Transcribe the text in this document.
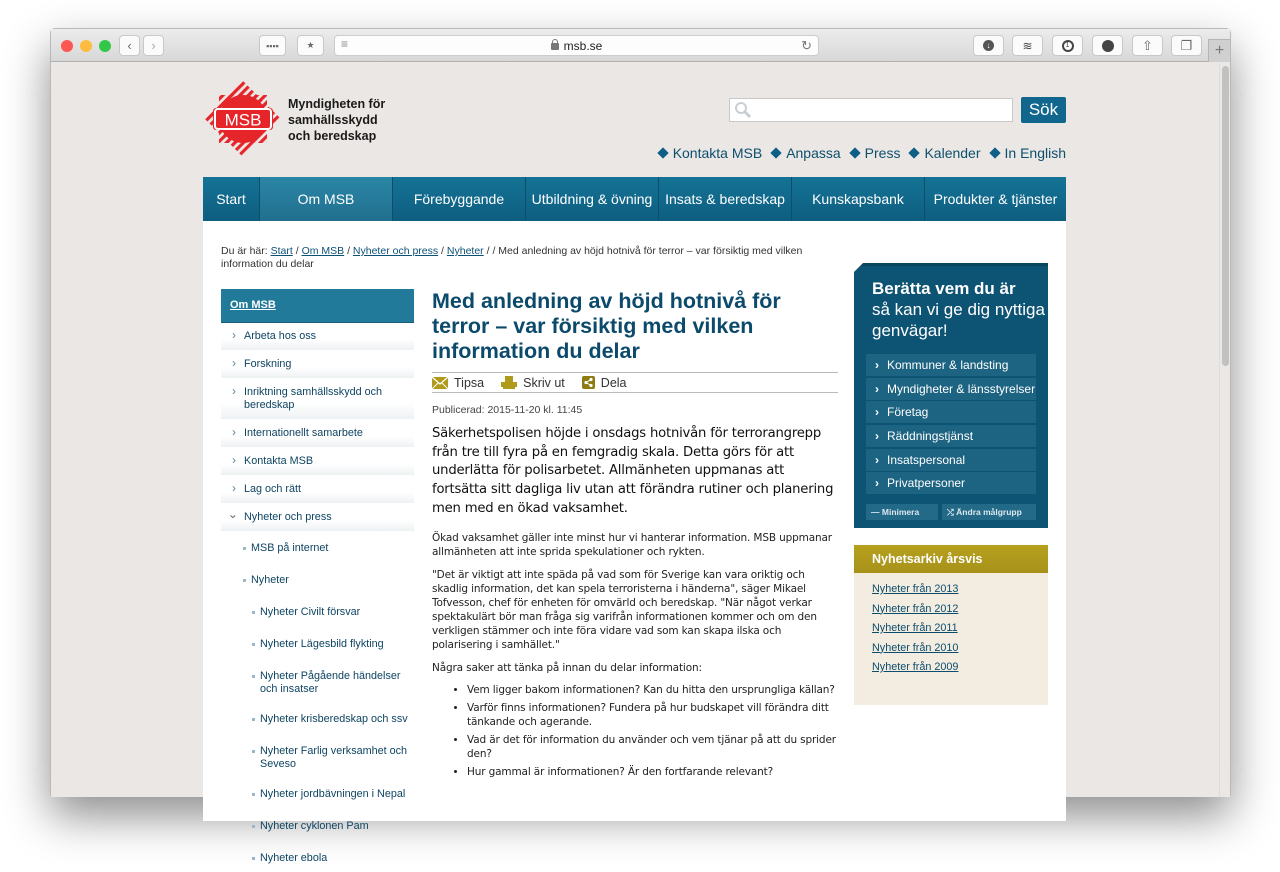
‹ ›	▪▪▪▪	★ ≡	msb.se	↻	↓	≋	1	⇧ ❐	+
MSB
Myndigheten för
samhällsskydd
och beredskap
Sök
Kontakta MSB Anpassa Press Kalender In English
Start	Om MSB	Förebyggande	Utbildning & övning Insats & beredskap	Kunskapsbank	Produkter & tjänster
Du är här: Start / Om MSB / Nyheter och press / Nyheter / / Med anledning av höjd hotnivå för terror – var försiktig med vilken information du delar
Om MSB
› Arbeta hos oss
› Forskning
› Inriktning samhällsskydd och beredskap
› Internationellt samarbete
› Kontakta MSB
› Lag och rätt
› Nyheter och press
MSB på internet
Nyheter
Nyheter Civilt försvar
Nyheter Lägesbild flykting
Nyheter Pågående händelser och insatser
Nyheter krisberedskap och ssv
Nyheter Farlig verksamhet och Seveso
Nyheter jordbävningen i Nepal
Nyheter cyklonen Pam
Nyheter ebola
Med anledning av höjd hotnivå för terror – var försiktig med vilken information du delar
Tipsa	Skriv ut	Dela
Publicerad: 2015-11-20 kl. 11:45
Säkerhetspolisen höjde i onsdags hotnivån för terrorangrepp från tre till fyra på en femgradig skala. Detta görs för att underlätta för polisarbetet. Allmänheten uppmanas att fortsätta sitt dagliga liv utan att förändra rutiner och planering men med en ökad vaksamhet.

Ökad vaksamhet gäller inte minst hur vi hanterar information. MSB uppmanar allmänheten att inte sprida spekulationer och rykten.

"Det är viktigt att inte späda på vad som för Sverige kan vara oriktig och skadlig information, det kan spela terroristerna i händerna", säger Mikael Tofvesson, chef för enheten för omvärld och beredskap. "När något verkar spektakulärt bör man fråga sig varifrån informationen kommer och om den verkligen stämmer och inte föra vidare vad som kan skapa ilska och polarisering i samhället."

Några saker att tänka på innan du delar information:

• Vem ligger bakom informationen? Kan du hitta den ursprungliga källan?
• Varför finns informationen? Fundera på hur budskapet vill förändra ditt tänkande och agerande.
• Vad är det för information du använder och vem tjänar på att du sprider den?
• Hur gammal är informationen? Är den fortfarande relevant?
Berätta vem du är
så kan vi ge dig nyttiga genvägar!
› Kommuner & landsting
› Myndigheter & länsstyrelser
› Företag
› Räddningstjänst
› Insatspersonal
› Privatpersoner
— Minimera	⤮ Ändra målgrupp
Nyhetsarkiv årsvis
Nyheter från 2013
Nyheter från 2012
Nyheter från 2011
Nyheter från 2010
Nyheter från 2009
